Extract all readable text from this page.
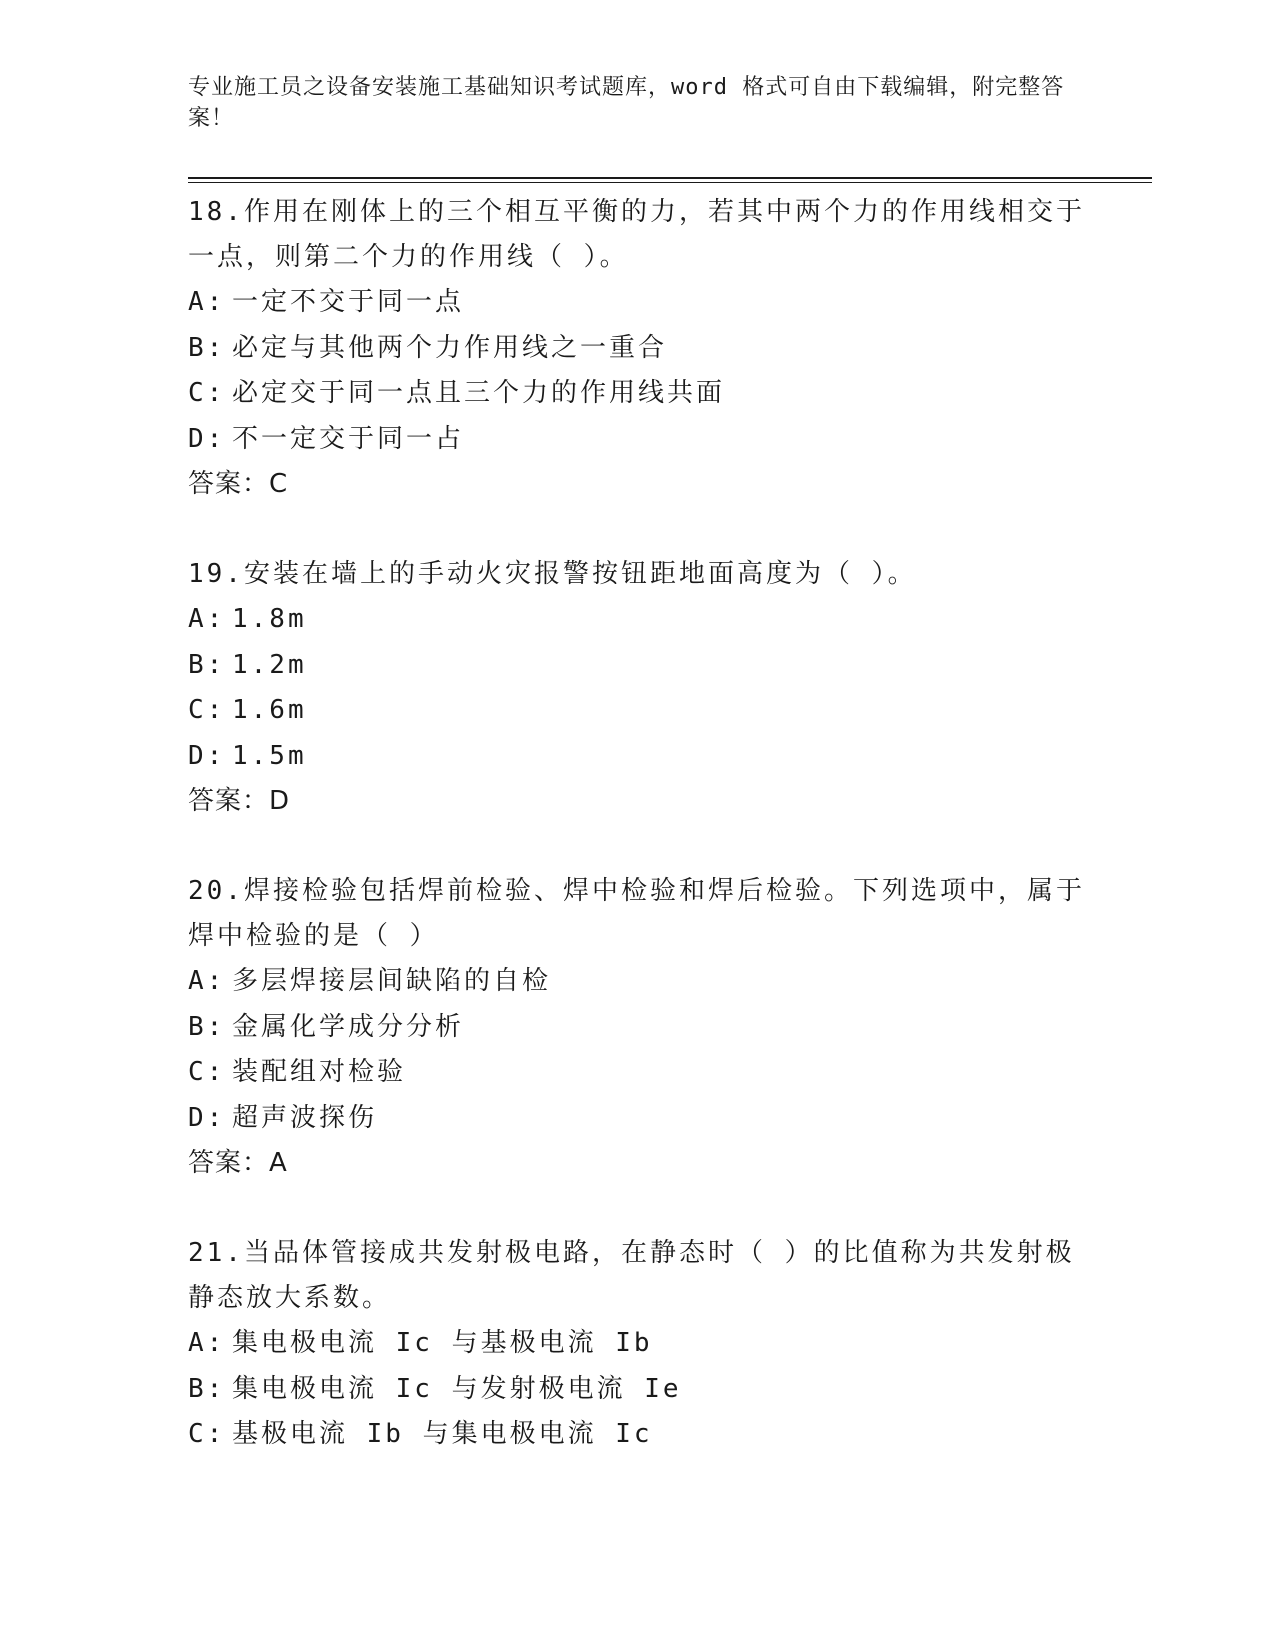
专业施工员之设备安装施工基础知识考试题库，word 格式可自由下载编辑，附完整答案！
18.作用在刚体上的三个相互平衡的力，若其中两个力的作用线相交于一点，则第二个力的作用线（ ）。
A: 一定不交于同一点
B: 必定与其他两个力作用线之一重合
C: 必定交于同一点且三个力的作用线共面
D: 不一定交于同一占
答案：C
19.安装在墙上的手动火灾报警按钮距地面高度为（ ）。
A: 1.8m
B: 1.2m
C: 1.6m
D: 1.5m
答案：D
20.焊接检验包括焊前检验、焊中检验和焊后检验。下列选项中，属于焊中检验的是（ ）
A: 多层焊接层间缺陷的自检
B: 金属化学成分分析
C: 装配组对检验
D: 超声波探伤
答案：A
21.当品体管接成共发射极电路，在静态时（ ）的比值称为共发射极静态放大系数。
A: 集电极电流 Ic 与基极电流 Ib
B: 集电极电流 Ic 与发射极电流 Ie
C: 基极电流 Ib 与集电极电流 Ic
